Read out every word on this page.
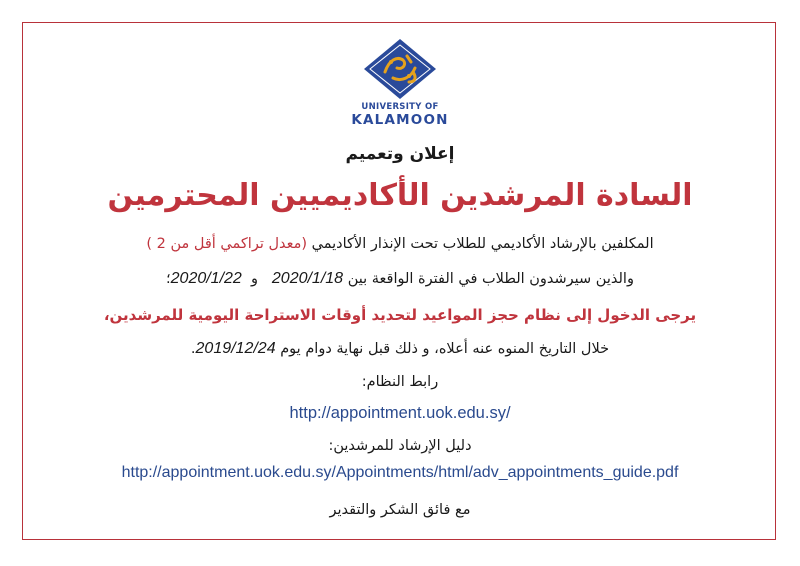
UNIVERSITY OF
KALAMOON
إعلان وتعميم
السادة المرشدين الأكاديميين المحترمين
المكلفين بالإرشاد الأكاديمي للطلاب تحت الإنذار الأكاديمي (معدل تراكمي أقل من 2 )
والذين سيرشدون الطلاب في الفترة الواقعة بين 2020/1/18   و  2020/1/22؛
يرجى الدخول إلى نظام حجز المواعيد لتحديد أوقات الاستراحة اليومية للمرشدين،
خلال التاريخ المنوه عنه أعلاه، و ذلك قبل نهاية دوام يوم 2019/12/24.
رابط النظام:
http://appointment.uok.edu.sy/
دليل الإرشاد للمرشدين:
http://appointment.uok.edu.sy/Appointments/html/adv_appointments_guide.pdf
مع فائق الشكر والتقدير
